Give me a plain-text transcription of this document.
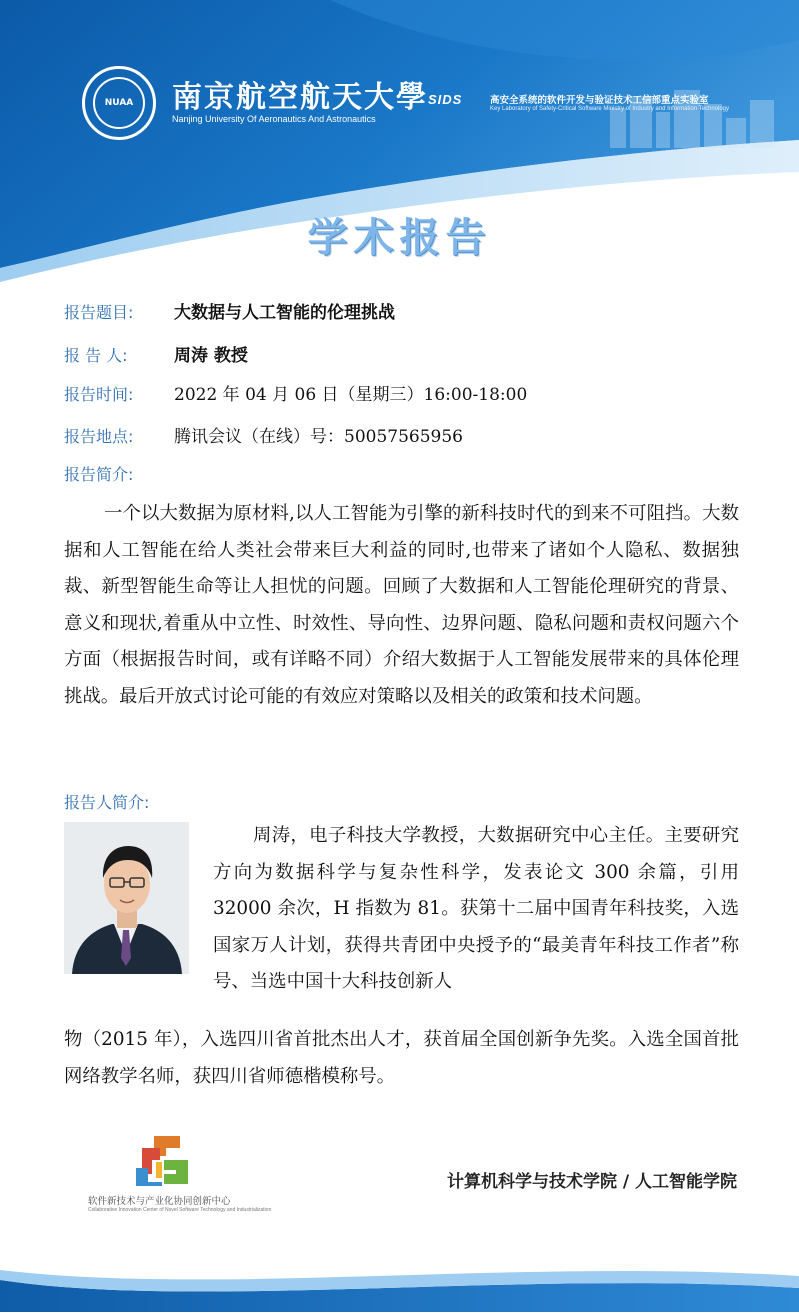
NUAA	南京航空航天大學
Nanjing University Of Aeronautics And Astronautics
SIDS	高安全系统的软件开发与验证技术工信部重点实验室
Key Laboratory of Safety-Critical Software Ministry of Industry and Information Technology
学术报告
报告题目: 大数据与人工智能的伦理挑战
报 告 人:	周涛 教授
报告时间: 2022 年 04 月 06 日（星期三）16:00-18:00
报告地点: 腾讯会议（在线）号：50057565956
报告简介:

一个以大数据为原材料,以人工智能为引擎的新科技时代的到来不可阻挡。大数据和人工智能在给人类社会带来巨大利益的同时,也带来了诸如个人隐私、数据独裁、新型智能生命等让人担忧的问题。回顾了大数据和人工智能伦理研究的背景、意义和现状,着重从中立性、时效性、导向性、边界问题、隐私问题和责权问题六个方面（根据报告时间，或有详略不同）介绍大数据于人工智能发展带来的具体伦理挑战。最后开放式讨论可能的有效应对策略以及相关的政策和技术问题。

报告人简介:

周涛，电子科技大学教授，大数据研究中心主任。主要研究方向为数据科学与复杂性科学，发表论文 300 余篇，引用 32000 余次，H 指数为 81。获第十二届中国青年科技奖，入选国家万人计划，获得共青团中央授予的“最美青年科技工作者”称号、当选中国十大科技创新人

物（2015 年），入选四川省首批杰出人才，获首届全国创新争先奖。入选全国首批网络教学名师，获四川省师德楷模称号。

软件新技术与产业化协同创新中心
Collaborative Innovation Center of Novel Software Technology and Industrialization
计算机科学与技术学院 / 人工智能学院
